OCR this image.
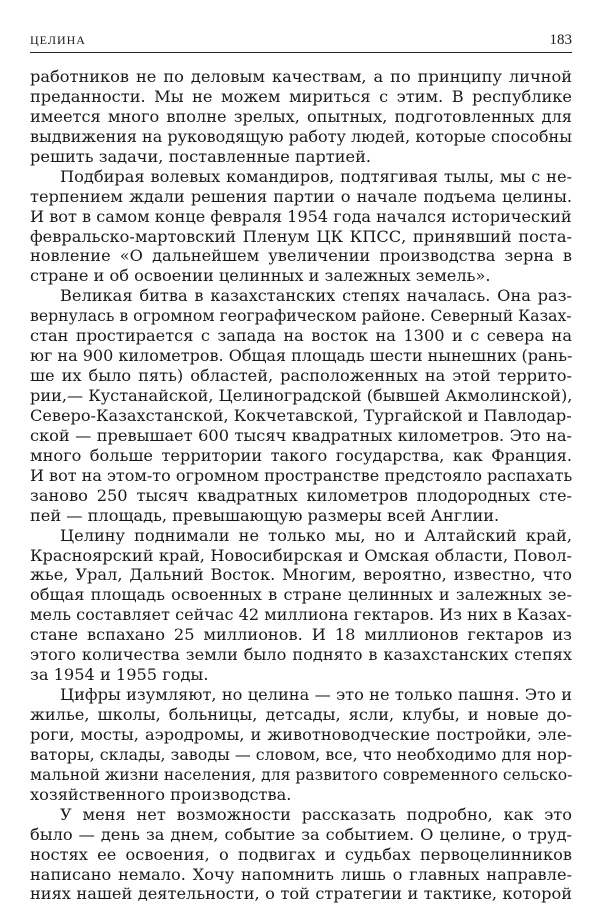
ЦЕЛИНА	183
работников не по деловым качествам, а по принципу личной
преданности. Мы не можем мириться с этим. В республике
имеется много вполне зрелых, опытных, подготовленных для
выдвижения на руководящую работу людей, которые способны
решить задачи, поставленные партией.
Подбирая волевых командиров, подтягивая тылы, мы с не-
терпением ждали решения партии о начале подъема целины.
И вот в самом конце февраля 1954 года начался исторический
февральско-мартовский Пленум ЦК КПСС, принявший поста-
новление «О дальнейшем увеличении производства зерна в
стране и об освоении целинных и залежных земель».
Великая битва в казахстанских степях началась. Она раз-
вернулась в огромном географическом районе. Северный Казах-
стан простирается с запада на восток на 1300 и с севера на
юг на 900 километров. Общая площадь шести нынешних (рань-
ше их было пять) областей, расположенных на этой террито-
рии,— Кустанайской, Целиноградской (бывшей Акмолинской),
Северо-Казахстанской, Кокчетавской, Тургайской и Павлодар-
ской — превышает 600 тысяч квадратных километров. Это на-
много больше территории такого государства, как Франция.
И вот на этом-то огромном пространстве предстояло распахать
заново 250 тысяч квадратных километров плодородных сте-
пей — площадь, превышающую размеры всей Англии.
Целину поднимали не только мы, но и Алтайский край,
Красноярский край, Новосибирская и Омская области, Повол-
жье, Урал, Дальний Восток. Многим, вероятно, известно, что
общая площадь освоенных в стране целинных и залежных зе-
мель составляет сейчас 42 миллиона гектаров. Из них в Казах-
стане вспахано 25 миллионов. И 18 миллионов гектаров из
этого количества земли было поднято в казахстанских степях
за 1954 и 1955 годы.
Цифры изумляют, но целина — это не только пашня. Это и
жилье, школы, больницы, детсады, ясли, клубы, и новые до-
роги, мосты, аэродромы, и животноводческие постройки, эле-
ваторы, склады, заводы — словом, все, что необходимо для нор-
мальной жизни населения, для развитого современного сельско-
хозяйственного производства.
У меня нет возможности рассказать подробно, как это
было — день за днем, событие за событием. О целине, о труд-
ностях ее освоения, о подвигах и судьбах первоцелинников
написано немало. Хочу напомнить лишь о главных направле-
ниях нашей деятельности, о той стратегии и тактике, которой
